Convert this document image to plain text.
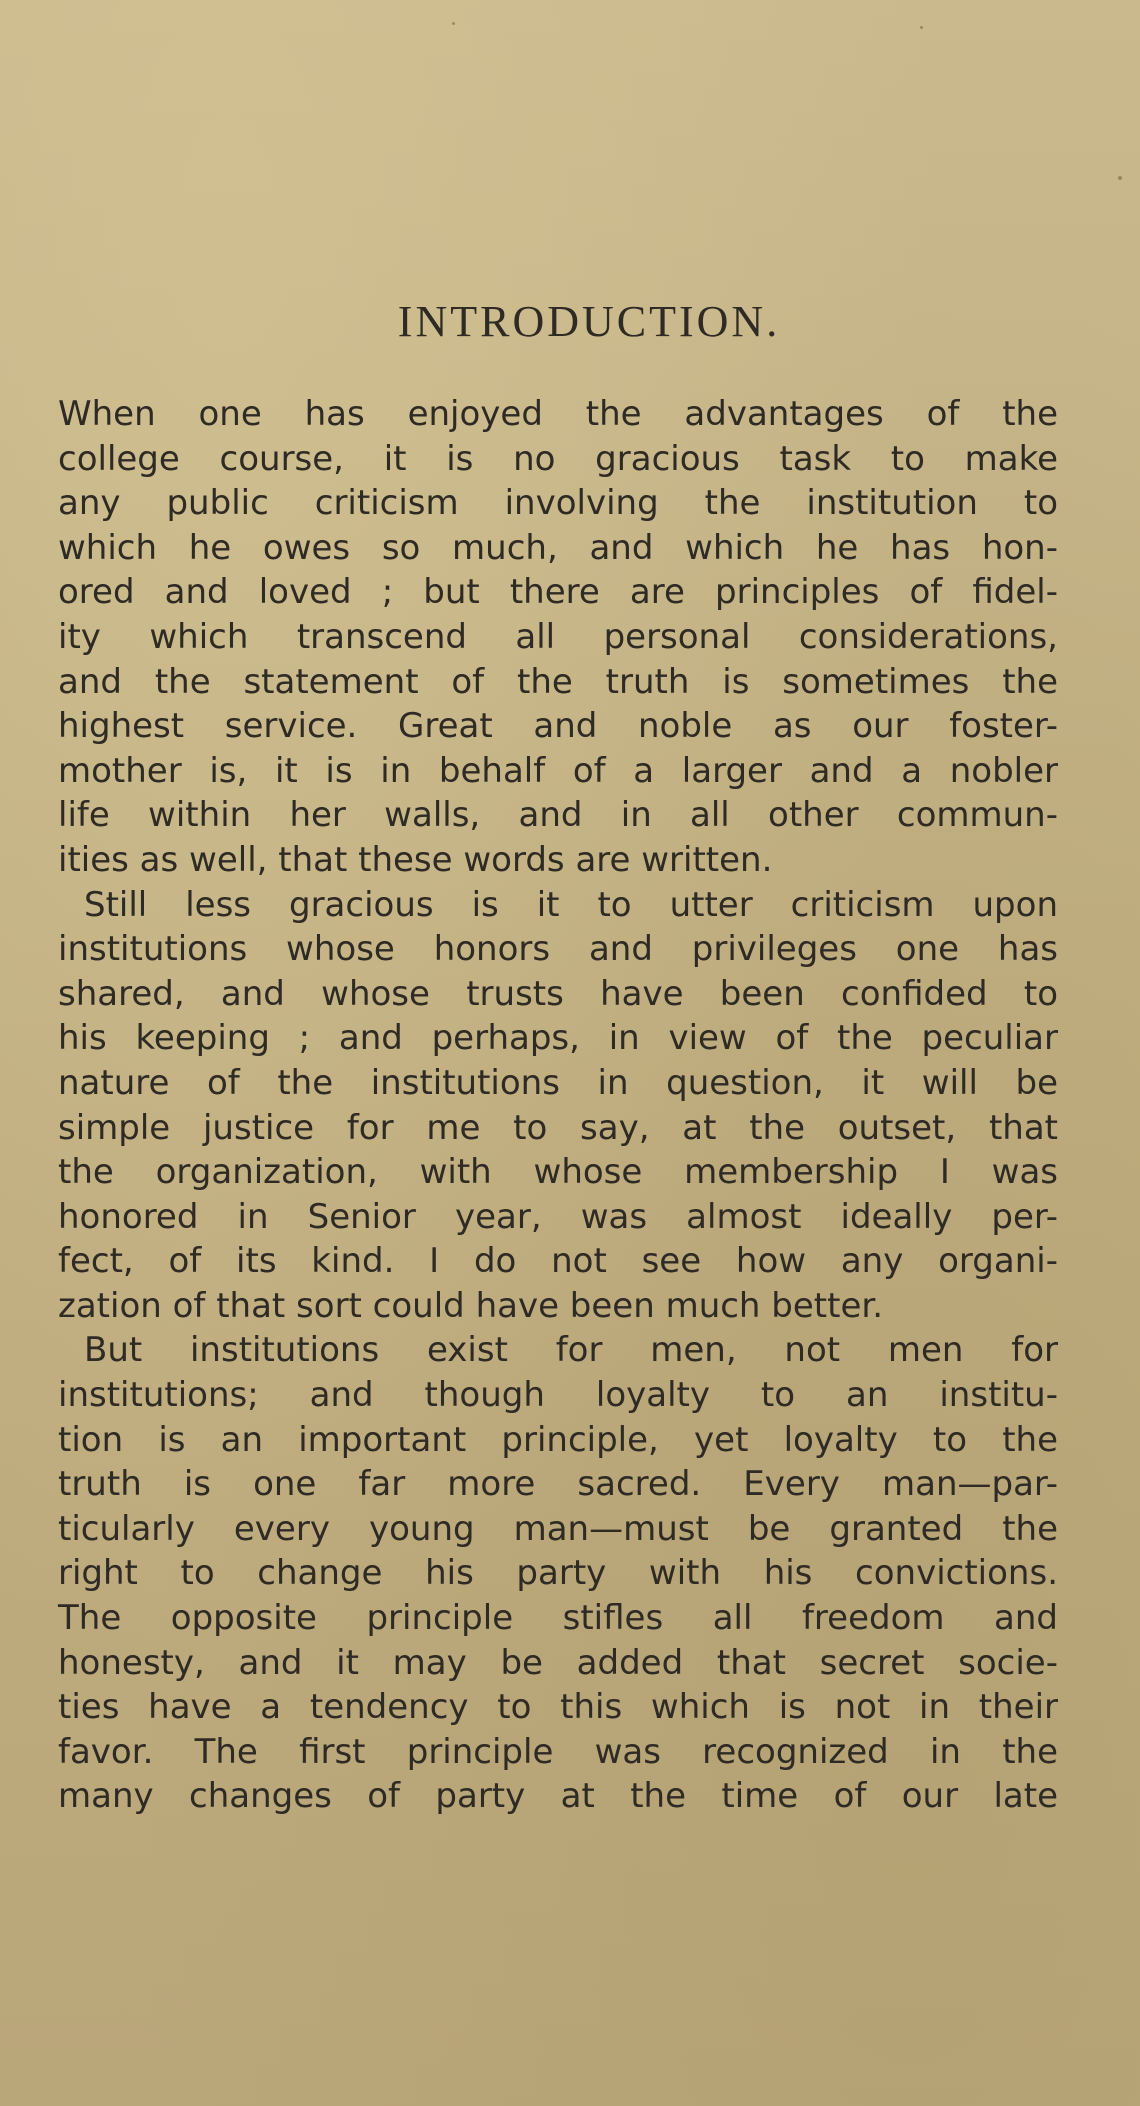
INTRODUCTION.
When one has enjoyed the advantages of the
college course, it is no gracious task to make
any public criticism involving the institution to
which he owes so much, and which he has hon-
ored and loved ; but there are principles of fidel-
ity which transcend all personal considerations,
and the statement of the truth is sometimes the
highest service. Great and noble as our foster-
mother is, it is in behalf of a larger and a nobler
life within her walls, and in all other commun-
ities as well, that these words are written.
Still less gracious is it to utter criticism upon
institutions whose honors and privileges one has
shared, and whose trusts have been confided to
his keeping ; and perhaps, in view of the peculiar
nature of the institutions in question, it will be
simple justice for me to say, at the outset, that
the organization, with whose membership I was
honored in Senior year, was almost ideally per-
fect, of its kind. I do not see how any organi-
zation of that sort could have been much better.
But institutions exist for men, not men for
institutions; and though loyalty to an institu-
tion is an important principle, yet loyalty to the
truth is one far more sacred. Every man—par-
ticularly every young man—must be granted the
right to change his party with his convictions.
The opposite principle stifles all freedom and
honesty, and it may be added that secret socie-
ties have a tendency to this which is not in their
favor. The first principle was recognized in the
many changes of party at the time of our late
